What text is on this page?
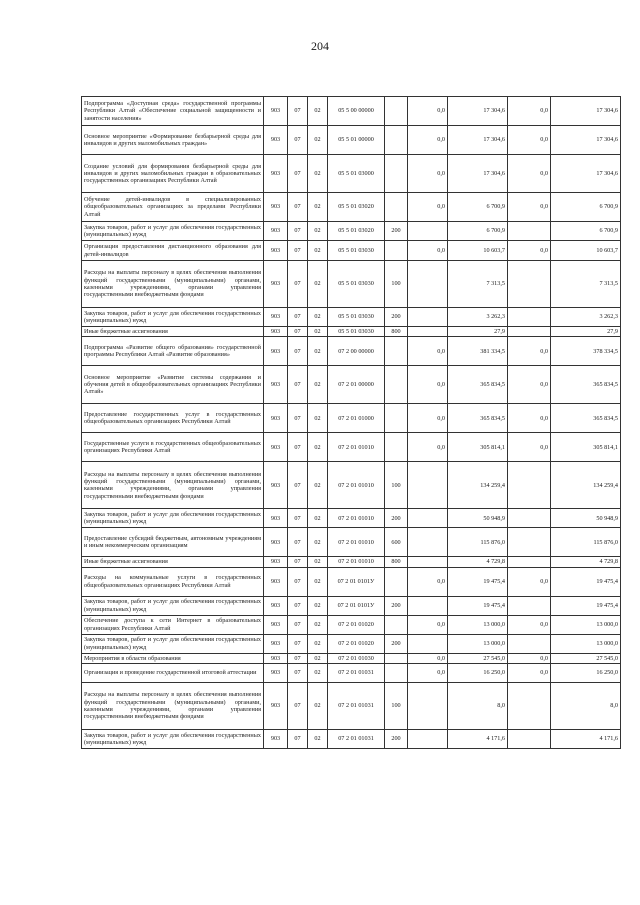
204
Подпрограмма «Доступная среда» государственной программы Республики Алтай «Обеспечение социальной защищенности и занятости населения»	903	07	02	05 5 00 00000		0,0	17 304,6	0,0	17 304,6
Основное мероприятие «Формирование безбарьерной среды для инвалидов и других маломобильных граждан»	903	07	02	05 5 01 00000		0,0	17 304,6	0,0	17 304,6
Создание условий для формирования безбарьерной среды для инвалидов и других маломобильных граждан в образовательных государственных организациях Республики Алтай	903	07	02	05 5 01 03000		0,0	17 304,6	0,0	17 304,6
Обучение детей-инвалидов в специализированных общеобразовательных организациях за пределами Республики Алтай	903	07	02	05 5 01 03020		0,0	6 700,9	0,0	6 700,9
Закупка товаров, работ и услуг для обеспечения государственных (муниципальных) нужд	903	07	02	05 5 01 03020	200		6 700,9		6 700,9
Организация предоставления дистанционного образования для детей-инвалидов	903	07	02	05 5 01 03030		0,0	10 603,7	0,0	10 603,7
Расходы на выплаты персоналу в целях обеспечения выполнения функций государственными (муниципальными) органами, казенными учреждениями, органами управления государственными внебюджетными фондами	903	07	02	05 5 01 03030	100		7 313,5		7 313,5
Закупка товаров, работ и услуг для обеспечения государственных (муниципальных) нужд	903	07	02	05 5 01 03030	200		3 262,3		3 262,3
Иные бюджетные ассигнования	903	07	02	05 5 01 03030	800		27,9		27,9
Подпрограмма «Развитие общего образования» государственной программы Республики Алтай «Развитие образования»	903	07	02	07 2 00 00000		0,0	381 334,5	0,0	378 334,5
Основное мероприятие «Развитие системы содержания и обучения детей в общеобразовательных организациях Республики Алтай»	903	07	02	07 2 01 00000		0,0	365 834,5	0,0	365 834,5
Предоставление государственных услуг в государственных общеобразовательных организациях Республики Алтай	903	07	02	07 2 01 01000		0,0	365 834,5	0,0	365 834,5
Государственные услуги в государственных общеобразовательных организациях Республики Алтай	903	07	02	07 2 01 01010		0,0	305 814,1	0,0	305 814,1
Расходы на выплаты персоналу в целях обеспечения выполнения функций государственными (муниципальными) органами, казенными учреждениями, органами управления государственными внебюджетными фондами	903	07	02	07 2 01 01010	100		134 259,4		134 259,4
Закупка товаров, работ и услуг для обеспечения государственных (муниципальных) нужд	903	07	02	07 2 01 01010	200		50 948,9		50 948,9
Предоставление субсидий бюджетным, автономным учреждениям и иным некоммерческим организациям	903	07	02	07 2 01 01010	600		115 876,0		115 876,0
Иные бюджетные ассигнования	903	07	02	07 2 01 01010	800		4 729,8		4 729,8
Расходы на коммунальные услуги в государственных общеобразовательных организациях Республики Алтай	903	07	02	07 2 01 0101У		0,0	19 475,4	0,0	19 475,4
Закупка товаров, работ и услуг для обеспечения государственных (муниципальных) нужд	903	07	02	07 2 01 0101У	200		19 475,4		19 475,4
Обеспечение доступа к сети Интернет в образовательных организациях Республики Алтай	903	07	02	07 2 01 01020		0,0	13 000,0	0,0	13 000,0
Закупка товаров, работ и услуг для обеспечения государственных (муниципальных) нужд	903	07	02	07 2 01 01020	200		13 000,0		13 000,0
Мероприятия в области образования	903	07	02	07 2 01 01030		0,0	27 545,0	0,0	27 545,0
Организация и проведение государственной итоговой аттестации	903	07	02	07 2 01 01031		0,0	16 250,0	0,0	16 250,0
Расходы на выплаты персоналу в целях обеспечения выполнения функций государственными (муниципальными) органами, казенными учреждениями, органами управления государственными внебюджетными фондами	903	07	02	07 2 01 01031	100		8,0		8,0
Закупка товаров, работ и услуг для обеспечения государственных (муниципальных) нужд	903	07	02	07 2 01 01031	200		4 171,6		4 171,6
